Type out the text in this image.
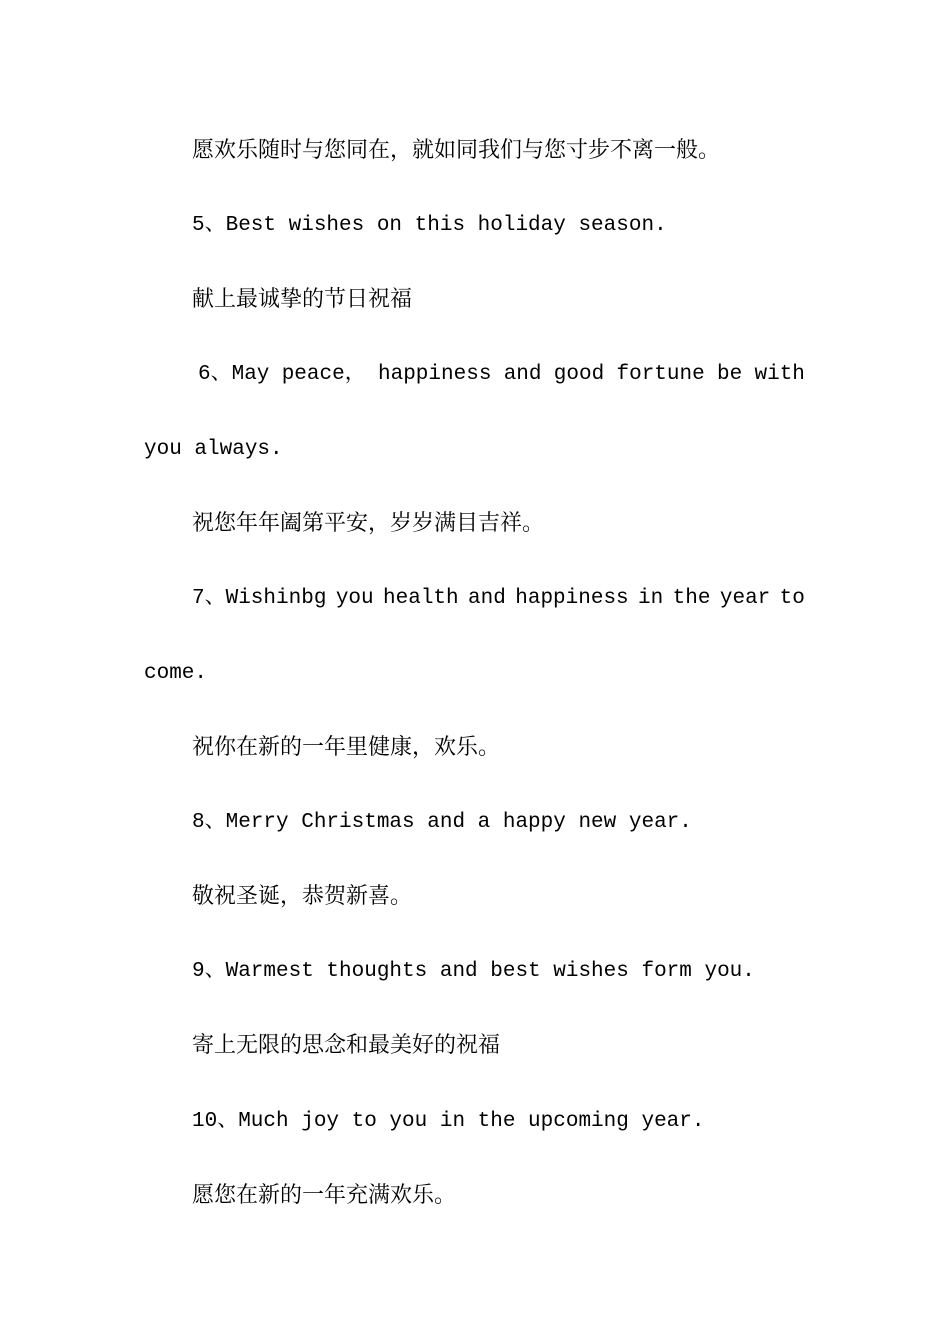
愿欢乐随时与您同在，就如同我们与您寸步不离一般。

5、Best wishes on this holiday season.

献上最诚挚的节日祝福

6、May peace， happiness and good fortune be with

you always.

祝您年年阖第平安，岁岁满目吉祥。

7、Wishinbg you health and happiness in the year to

come.

祝你在新的一年里健康，欢乐。

8、Merry Christmas and a happy new year.

敬祝圣诞，恭贺新喜。

9、Warmest thoughts and best wishes form you.

寄上无限的思念和最美好的祝福

10、Much joy to you in the upcoming year.

愿您在新的一年充满欢乐。
